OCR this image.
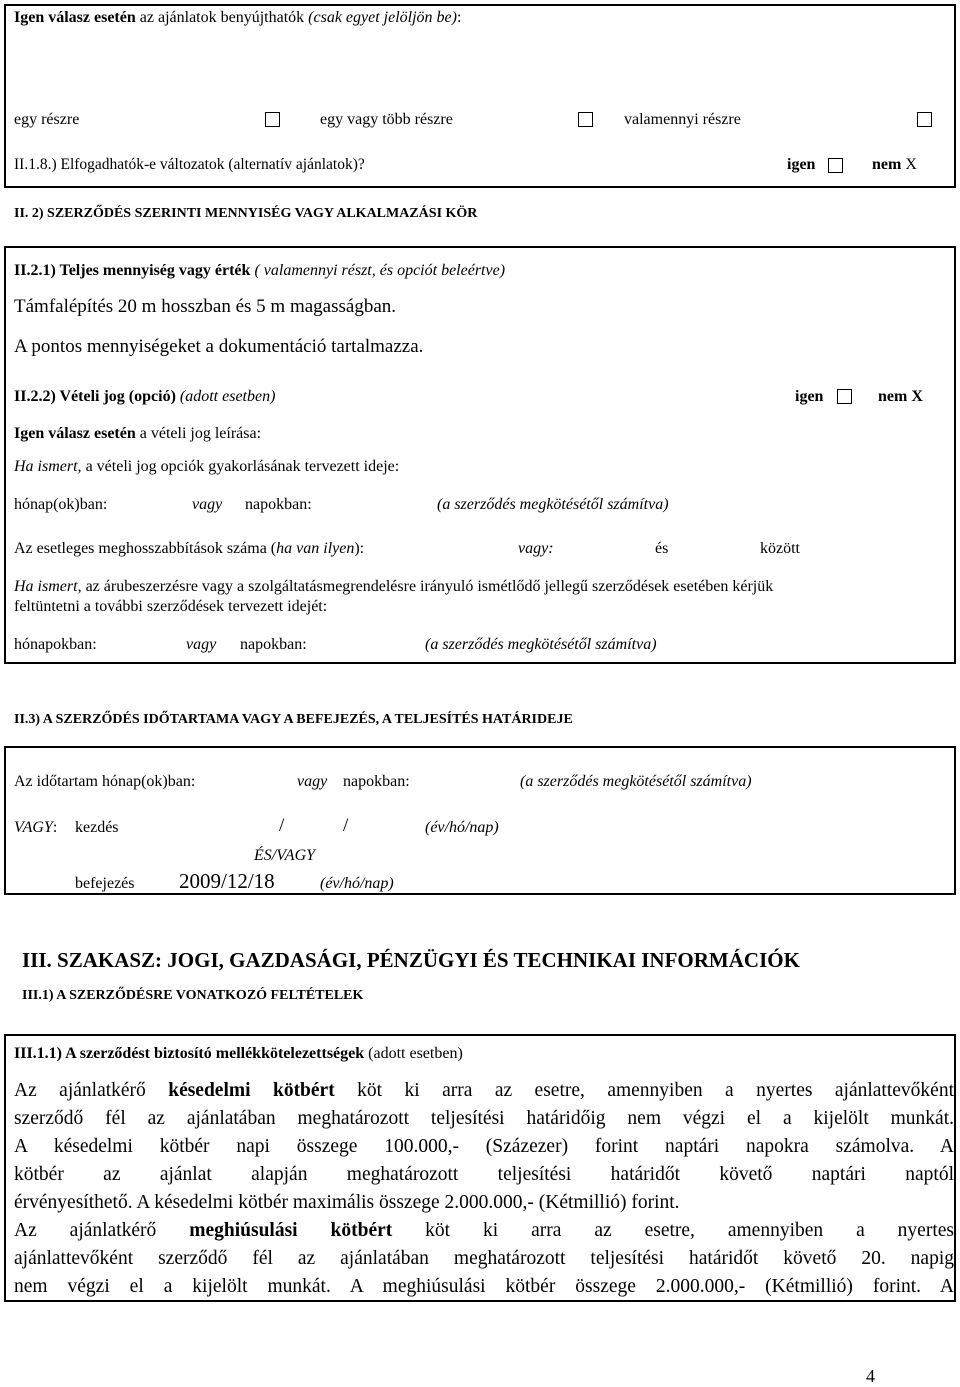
Igen válasz esetén az ajánlatok benyújthatók (csak egyet jelöljön be):
egy részre	egy vagy több részre	valamennyi részre
II.1.8.) Elfogadhatók-e változatok (alternatív ajánlatok)?	igen	nem X
II. 2) SZERZŐDÉS SZERINTI MENNYISÉG VAGY ALKALMAZÁSI KÖR
II.2.1) Teljes mennyiség vagy érték ( valamennyi részt, és opciót beleértve)
Támfalépítés 20 m hosszban és 5 m magasságban.
A pontos mennyiségeket a dokumentáció tartalmazza.
II.2.2) Vételi jog (opció) (adott esetben)	igen	nem X
Igen válasz esetén a vételi jog leírása:
Ha ismert, a vételi jog opciók gyakorlásának tervezett ideje:
hónap(ok)ban:	vagy napokban:	(a szerződés megkötésétől számítva)
Az esetleges meghosszabbítások száma (ha van ilyen):	vagy:	és	között
Ha ismert, az árubeszerzésre vagy a szolgáltatásmegrendelésre irányuló ismétlődő jellegű szerződések esetében kérjük
feltüntetni a további szerződések tervezett idejét:
hónapokban:	vagy napokban:	(a szerződés megkötésétől számítva)
II.3) A SZERZŐDÉS IDŐTARTAMA VAGY A BEFEJEZÉS, A TELJESÍTÉS HATÁRIDEJE
Az időtartam hónap(ok)ban:	vagy napokban:	(a szerződés megkötésétől számítva)
VAGY: kezdés	/	/	(év/hó/nap)
ÉS/VAGY
befejezés 2009/12/18	(év/hó/nap)
III. SZAKASZ: JOGI, GAZDASÁGI, PÉNZÜGYI ÉS TECHNIKAI INFORMÁCIÓK
III.1) A SZERZŐDÉSRE VONATKOZÓ FELTÉTELEK
III.1.1) A szerződést biztosító mellékkötelezettségek (adott esetben)
Az ajánlatkérő késedelmi kötbért köt ki arra az esetre, amennyiben a nyertes ajánlattevőként
szerződő fél az ajánlatában meghatározott teljesítési határidőig nem végzi el a kijelölt munkát.
A késedelmi kötbér napi összege 100.000,- (Százezer) forint naptári napokra számolva. A
kötbér az ajánlat alapján meghatározott teljesítési határidőt követő naptári naptól
érvényesíthető. A késedelmi kötbér maximális összege 2.000.000,- (Kétmillió) forint.
Az ajánlatkérő meghiúsulási kötbért köt ki arra az esetre, amennyiben a nyertes
ajánlattevőként szerződő fél az ajánlatában meghatározott teljesítési határidőt követő 20. napig
nem végzi el a kijelölt munkát. A meghiúsulási kötbér összege 2.000.000,- (Kétmillió) forint. A
4
